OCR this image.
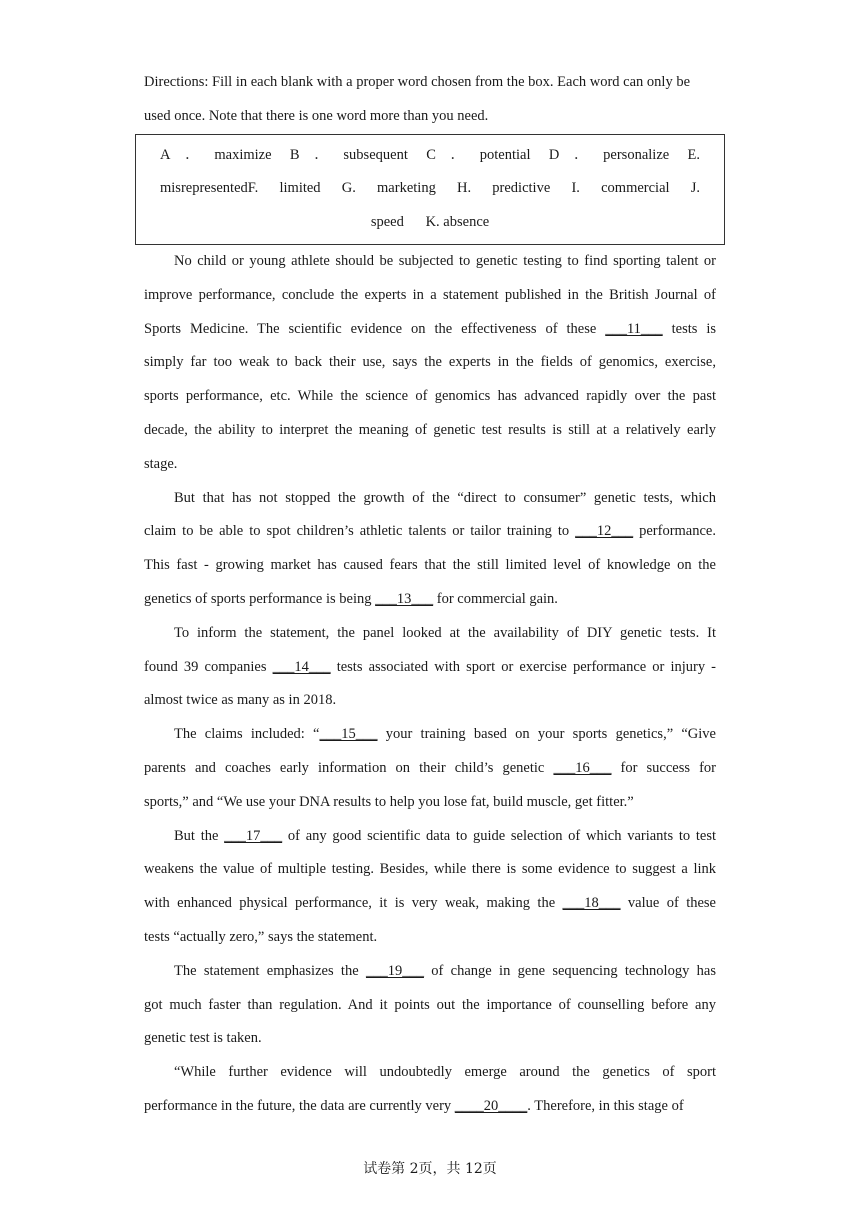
Directions: Fill in each blank with a proper word chosen from the box. Each word can only be
used once. Note that there is one word more than you need.
A．maximize B．subsequent C．potential D．personalize E.
misrepresentedF. limited G. marketing H. predictive I. commercial J.
speed K. absence
No child or young athlete should be subjected to genetic testing to find sporting talent or
improve performance, conclude the experts in a statement published in the British Journal of
Sports Medicine. The scientific evidence on the effectiveness of these ___11___ tests is
simply far too weak to back their use, says the experts in the fields of genomics, exercise,
sports performance, etc. While the science of genomics has advanced rapidly over the past
decade, the ability to interpret the meaning of genetic test results is still at a relatively early
stage.
But that has not stopped the growth of the “direct to consumer” genetic tests, which
claim to be able to spot children’s athletic talents or tailor training to ___12___ performance.
This fast - growing market has caused fears that the still limited level of knowledge on the
genetics of sports performance is being ___13___ for commercial gain.
To inform the statement, the panel looked at the availability of DIY genetic tests. It
found 39 companies ___14___ tests associated with sport or exercise performance or injury -
almost twice as many as in 2018.
The claims included: “___15___ your training based on your sports genetics,” “Give
parents and coaches early information on their child’s genetic ___16___ for success for
sports,” and “We use your DNA results to help you lose fat, build muscle, get fitter.”
But the ___17___ of any good scientific data to guide selection of which variants to test
weakens the value of multiple testing. Besides, while there is some evidence to suggest a link
with enhanced physical performance, it is very weak, making the ___18___ value of these
tests “actually zero,” says the statement.
The statement emphasizes the ___19___ of change in gene sequencing technology has
got much faster than regulation. And it points out the importance of counselling before any
genetic test is taken.
“While further evidence will undoubtedly emerge around the genetics of sport
performance in the future, the data are currently very ____20____. Therefore, in this stage of
试卷第 2页，共 12页
